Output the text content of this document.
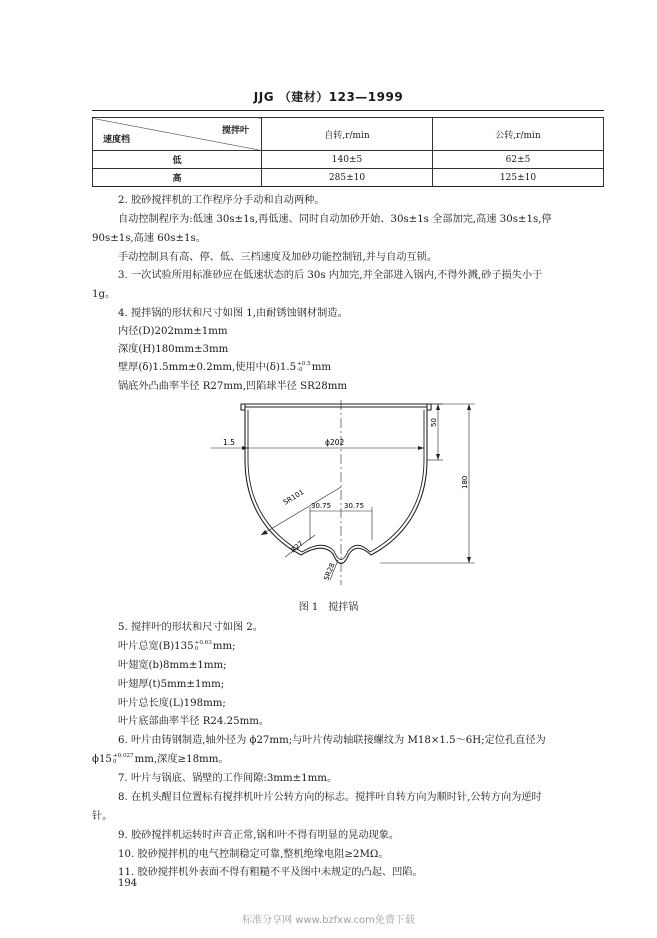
JJG （建材）123—1999
搅拌叶
速度档	自转,r/min	公转,r/min
低	140±5	62±5
高	285±10	125±10
2. 胶砂搅拌机的工作程序分手动和自动两种。
自动控制程序为:低速 30s±1s,再低速、同时自动加砂开始、30s±1s 全部加完,高速 30s±1s,停
90s±1s,高速 60s±1s。
手动控制具有高、停、低、三档速度及加砂功能控制钮,并与自动互锁。
3. 一次试验所用标准砂应在低速状态的后 30s 内加完,并全部进入锅内,不得外溅,砂子损失小于
1g。
4. 搅拌锅的形状和尺寸如图 1,由耐锈蚀钢材制造。
内径(D)202mm±1mm
深度(H)180mm±3mm
壁厚(δ)1.5mm±0.2mm,使用中(δ)1.5 +0.5
-0 mm
锅底外凸曲率半径 R27mm,凹陷球半径 SR28mm
1.5	ϕ202
50
180
SR101 30.75 30.75
R27
SR28
图 1　搅拌锅
5. 搅拌叶的形状和尺寸如图 2。
叶片总宽(B)135 +0.63
0	mm;
叶翅宽(b)8mm±1mm;
叶翅厚(t)5mm±1mm;
叶片总长度(L)198mm;
叶片底部曲率半径 R24.25mm。
6. 叶片由铸钢制造,轴外径为 ϕ27mm;与叶片传动轴联接螺纹为 M18×1.5～6H;定位孔直径为
ϕ15 +0.027
0	mm,深度≥18mm。
7. 叶片与锅底、锅壁的工作间隙:3mm±1mm。
8. 在机头醒目位置标有搅拌机叶片公转方向的标志。搅拌叶自转方向为顺时针,公转方向为逆时
针。
9. 胶砂搅拌机运转时声音正常,锅和叶不得有明显的晃动现象。
10. 胶砂搅拌机的电气控制稳定可靠,整机绝缘电阻≥2MΩ。
11. 胶砂搅拌机外表面不得有粗糙不平及图中未规定的凸起、凹陷。
194
标准分享网 www.bzfxw.com免费下载
